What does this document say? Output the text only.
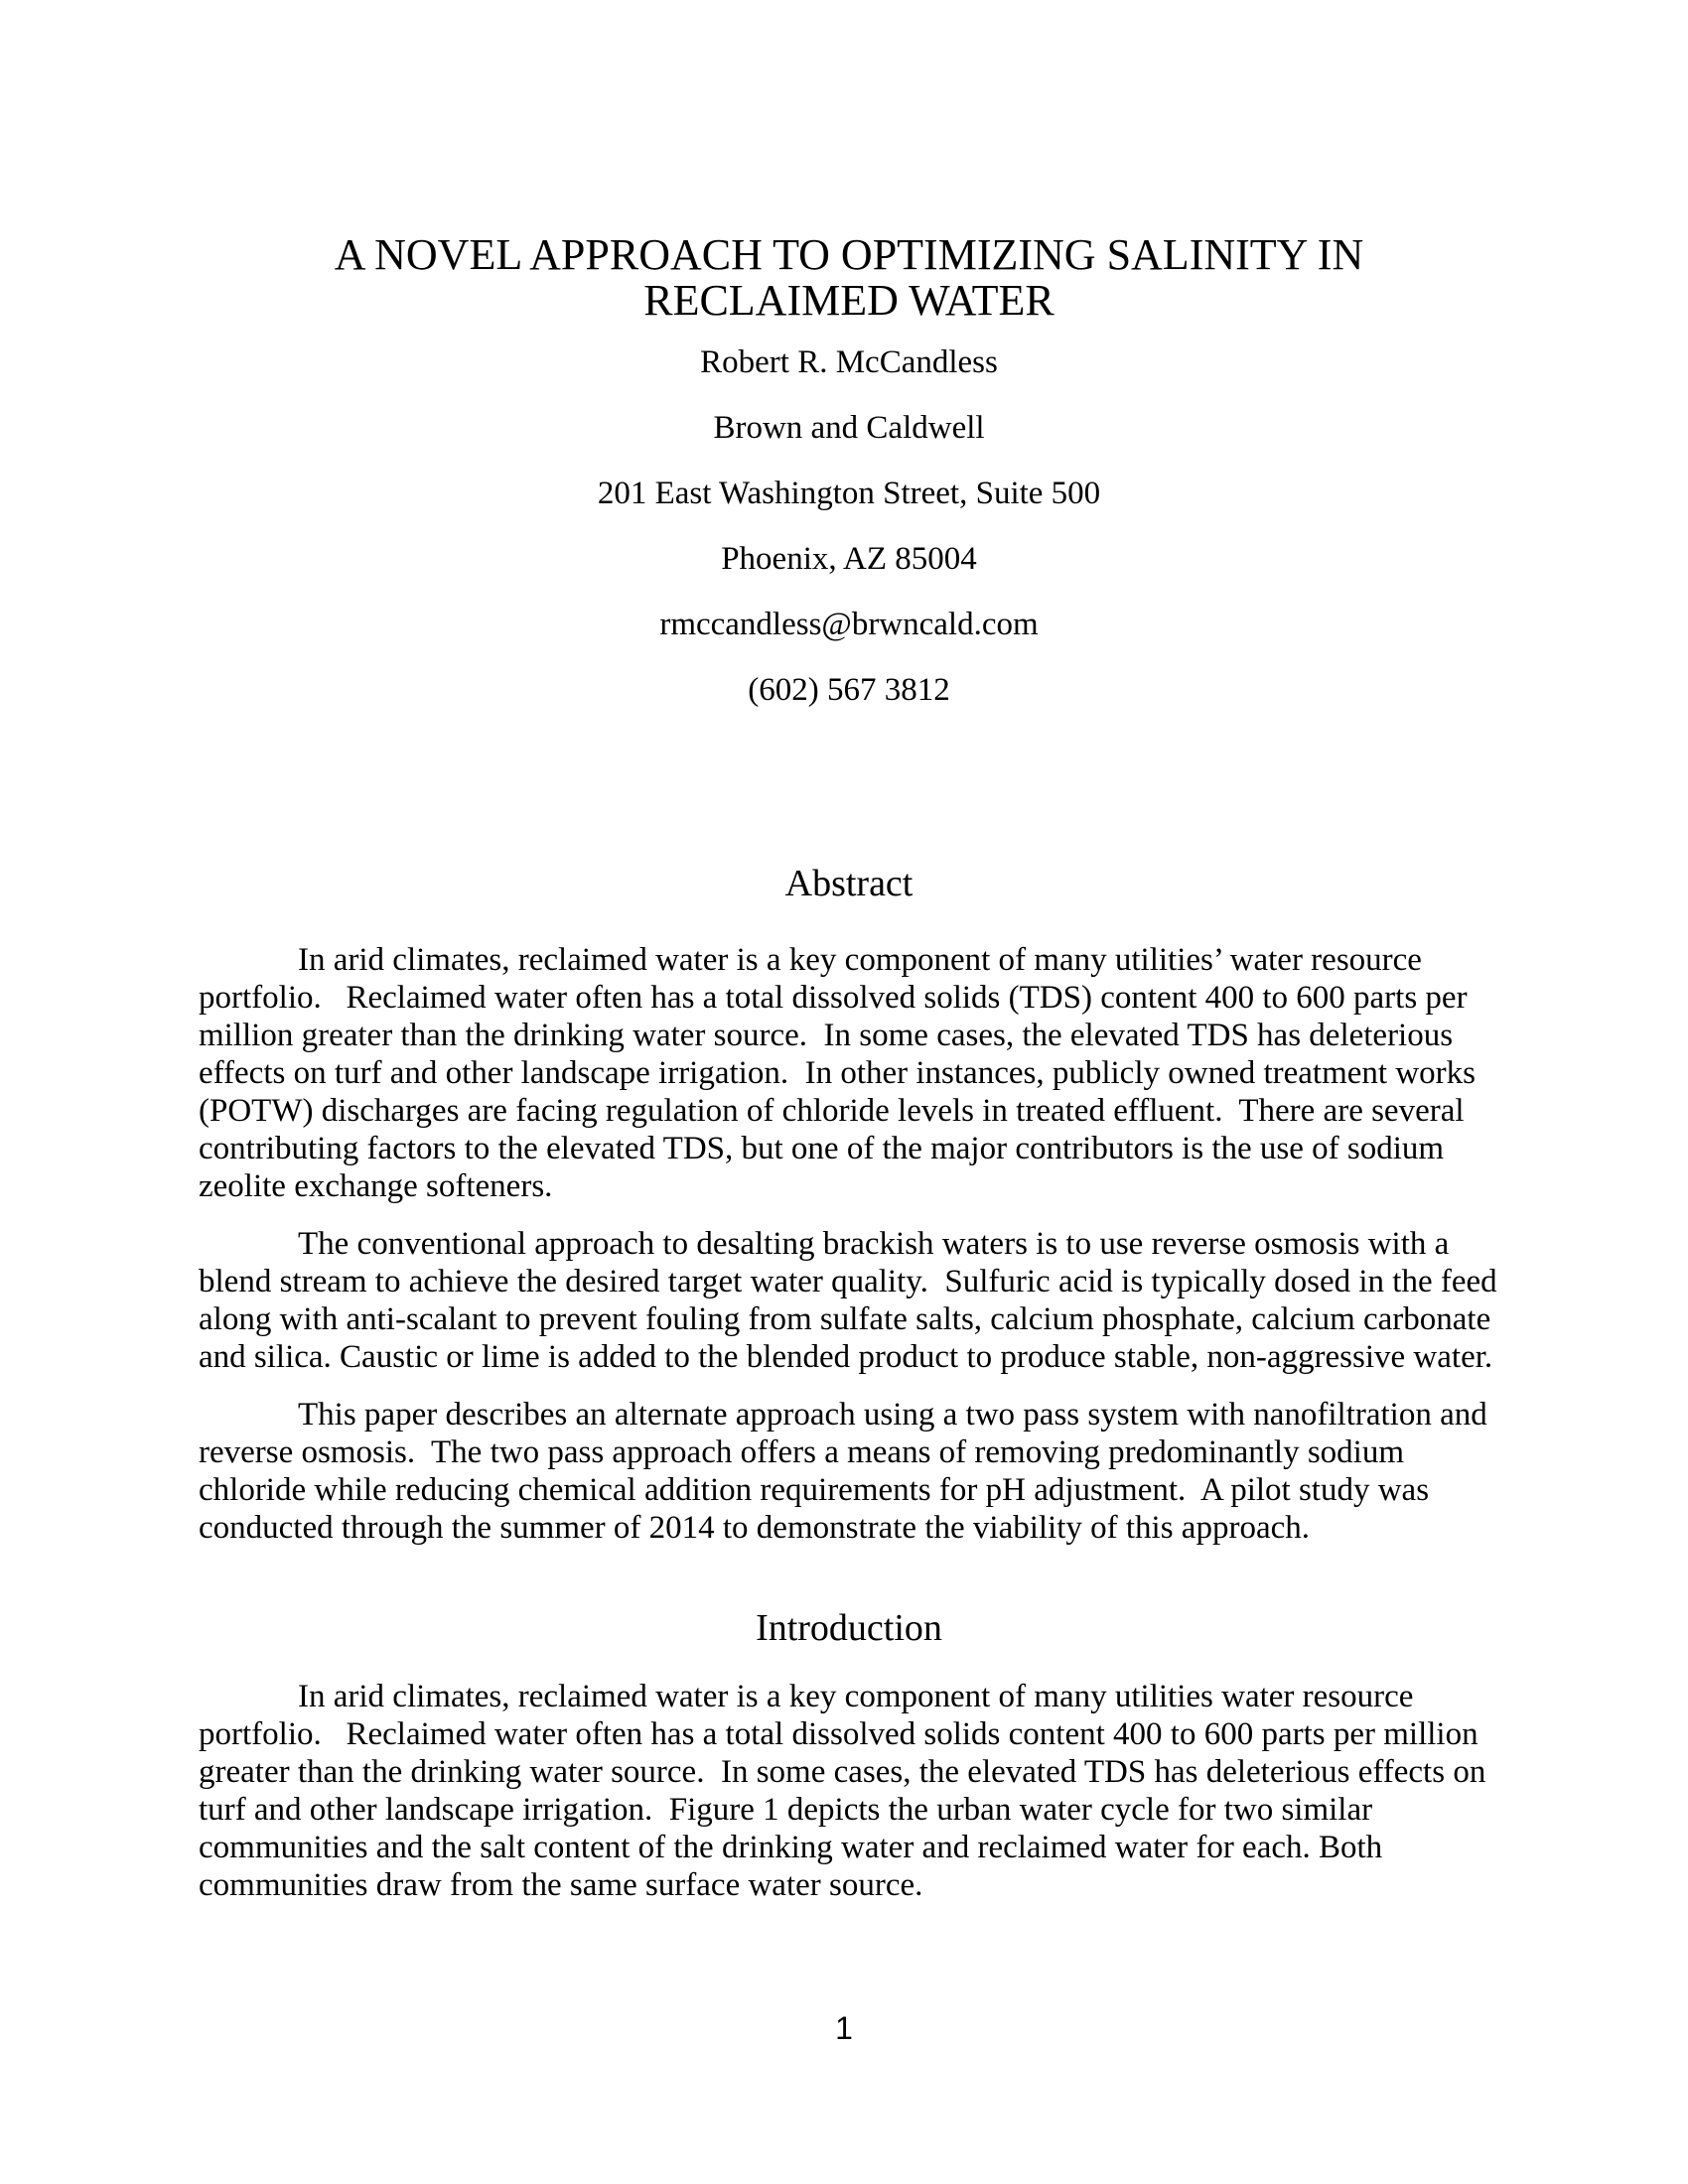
A NOVEL APPROACH TO OPTIMIZING SALINITY IN RECLAIMED WATER
Robert R. McCandless
Brown and Caldwell
201 East Washington Street, Suite 500
Phoenix, AZ 85004
rmccandless@brwncald.com
(602) 567 3812
Abstract

In arid climates, reclaimed water is a key component of many utilities’ water resource portfolio.   Reclaimed water often has a total dissolved solids (TDS) content 400 to 600 parts per million greater than the drinking water source.  In some cases, the elevated TDS has deleterious effects on turf and other landscape irrigation.  In other instances, publicly owned treatment works (POTW) discharges are facing regulation of chloride levels in treated effluent.  There are several contributing factors to the elevated TDS, but one of the major contributors is the use of sodium zeolite exchange softeners.

The conventional approach to desalting brackish waters is to use reverse osmosis with a blend stream to achieve the desired target water quality.  Sulfuric acid is typically dosed in the feed along with anti-scalant to prevent fouling from sulfate salts, calcium phosphate, calcium carbonate and silica. Caustic or lime is added to the blended product to produce stable, non-aggressive water.

This paper describes an alternate approach using a two pass system with nanofiltration and reverse osmosis.  The two pass approach offers a means of removing predominantly sodium chloride while reducing chemical addition requirements for pH adjustment.  A pilot study was conducted through the summer of 2014 to demonstrate the viability of this approach.

Introduction

In arid climates, reclaimed water is a key component of many utilities water resource portfolio.   Reclaimed water often has a total dissolved solids content 400 to 600 parts per million greater than the drinking water source.  In some cases, the elevated TDS has deleterious effects on turf and other landscape irrigation.  Figure 1 depicts the urban water cycle for two similar communities and the salt content of the drinking water and reclaimed water for each. Both communities draw from the same surface water source.

1
